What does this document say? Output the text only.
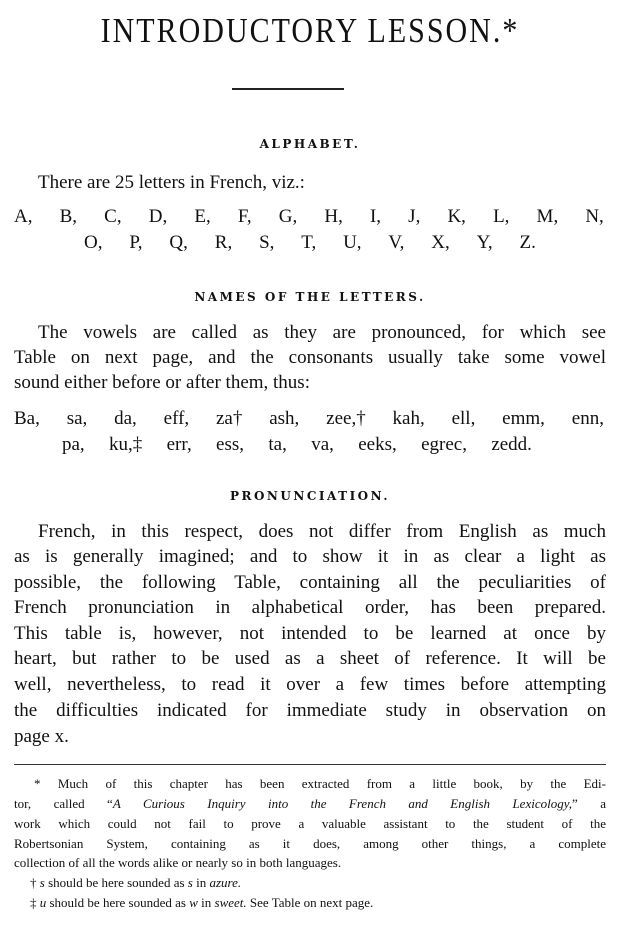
INTRODUCTORY LESSON.*
ALPHABET.
There are 25 letters in French, viz.:
A, B, C, D, E, F, G, H, I, J, K, L, M, N,
O, P, Q, R, S, T, U, V, X, Y, Z.
NAMES OF THE LETTERS.
The vowels are called as they are pronounced, for which see
Table on next page, and the consonants usually take some vowel
sound either before or after them, thus:
Ba, sa, da, eff, za† ash, zee,† kah, ell, emm, enn,
pa, ku,‡ err, ess, ta, va, eeks, egrec, zedd.
PRONUNCIATION.
French, in this respect, does not differ from English as much
as is generally imagined; and to show it in as clear a light as
possible, the following Table, containing all the peculiarities of
French pronunciation in alphabetical order, has been prepared.
This table is, however, not intended to be learned at once by
heart, but rather to be used as a sheet of reference. It will be
well, nevertheless, to read it over a few times before attempting
the difficulties indicated for immediate study in observation on
page x.
* Much of this chapter has been extracted from a little book, by the Edi-
tor, called “A Curious Inquiry into the French and English Lexicology,” a
work which could not fail to prove a valuable assistant to the student of the
Robertsonian System, containing as it does, among other things, a complete
collection of all the words alike or nearly so in both languages.
† s should be here sounded as s in azure.
‡ u should be here sounded as w in sweet. See Table on next page.
